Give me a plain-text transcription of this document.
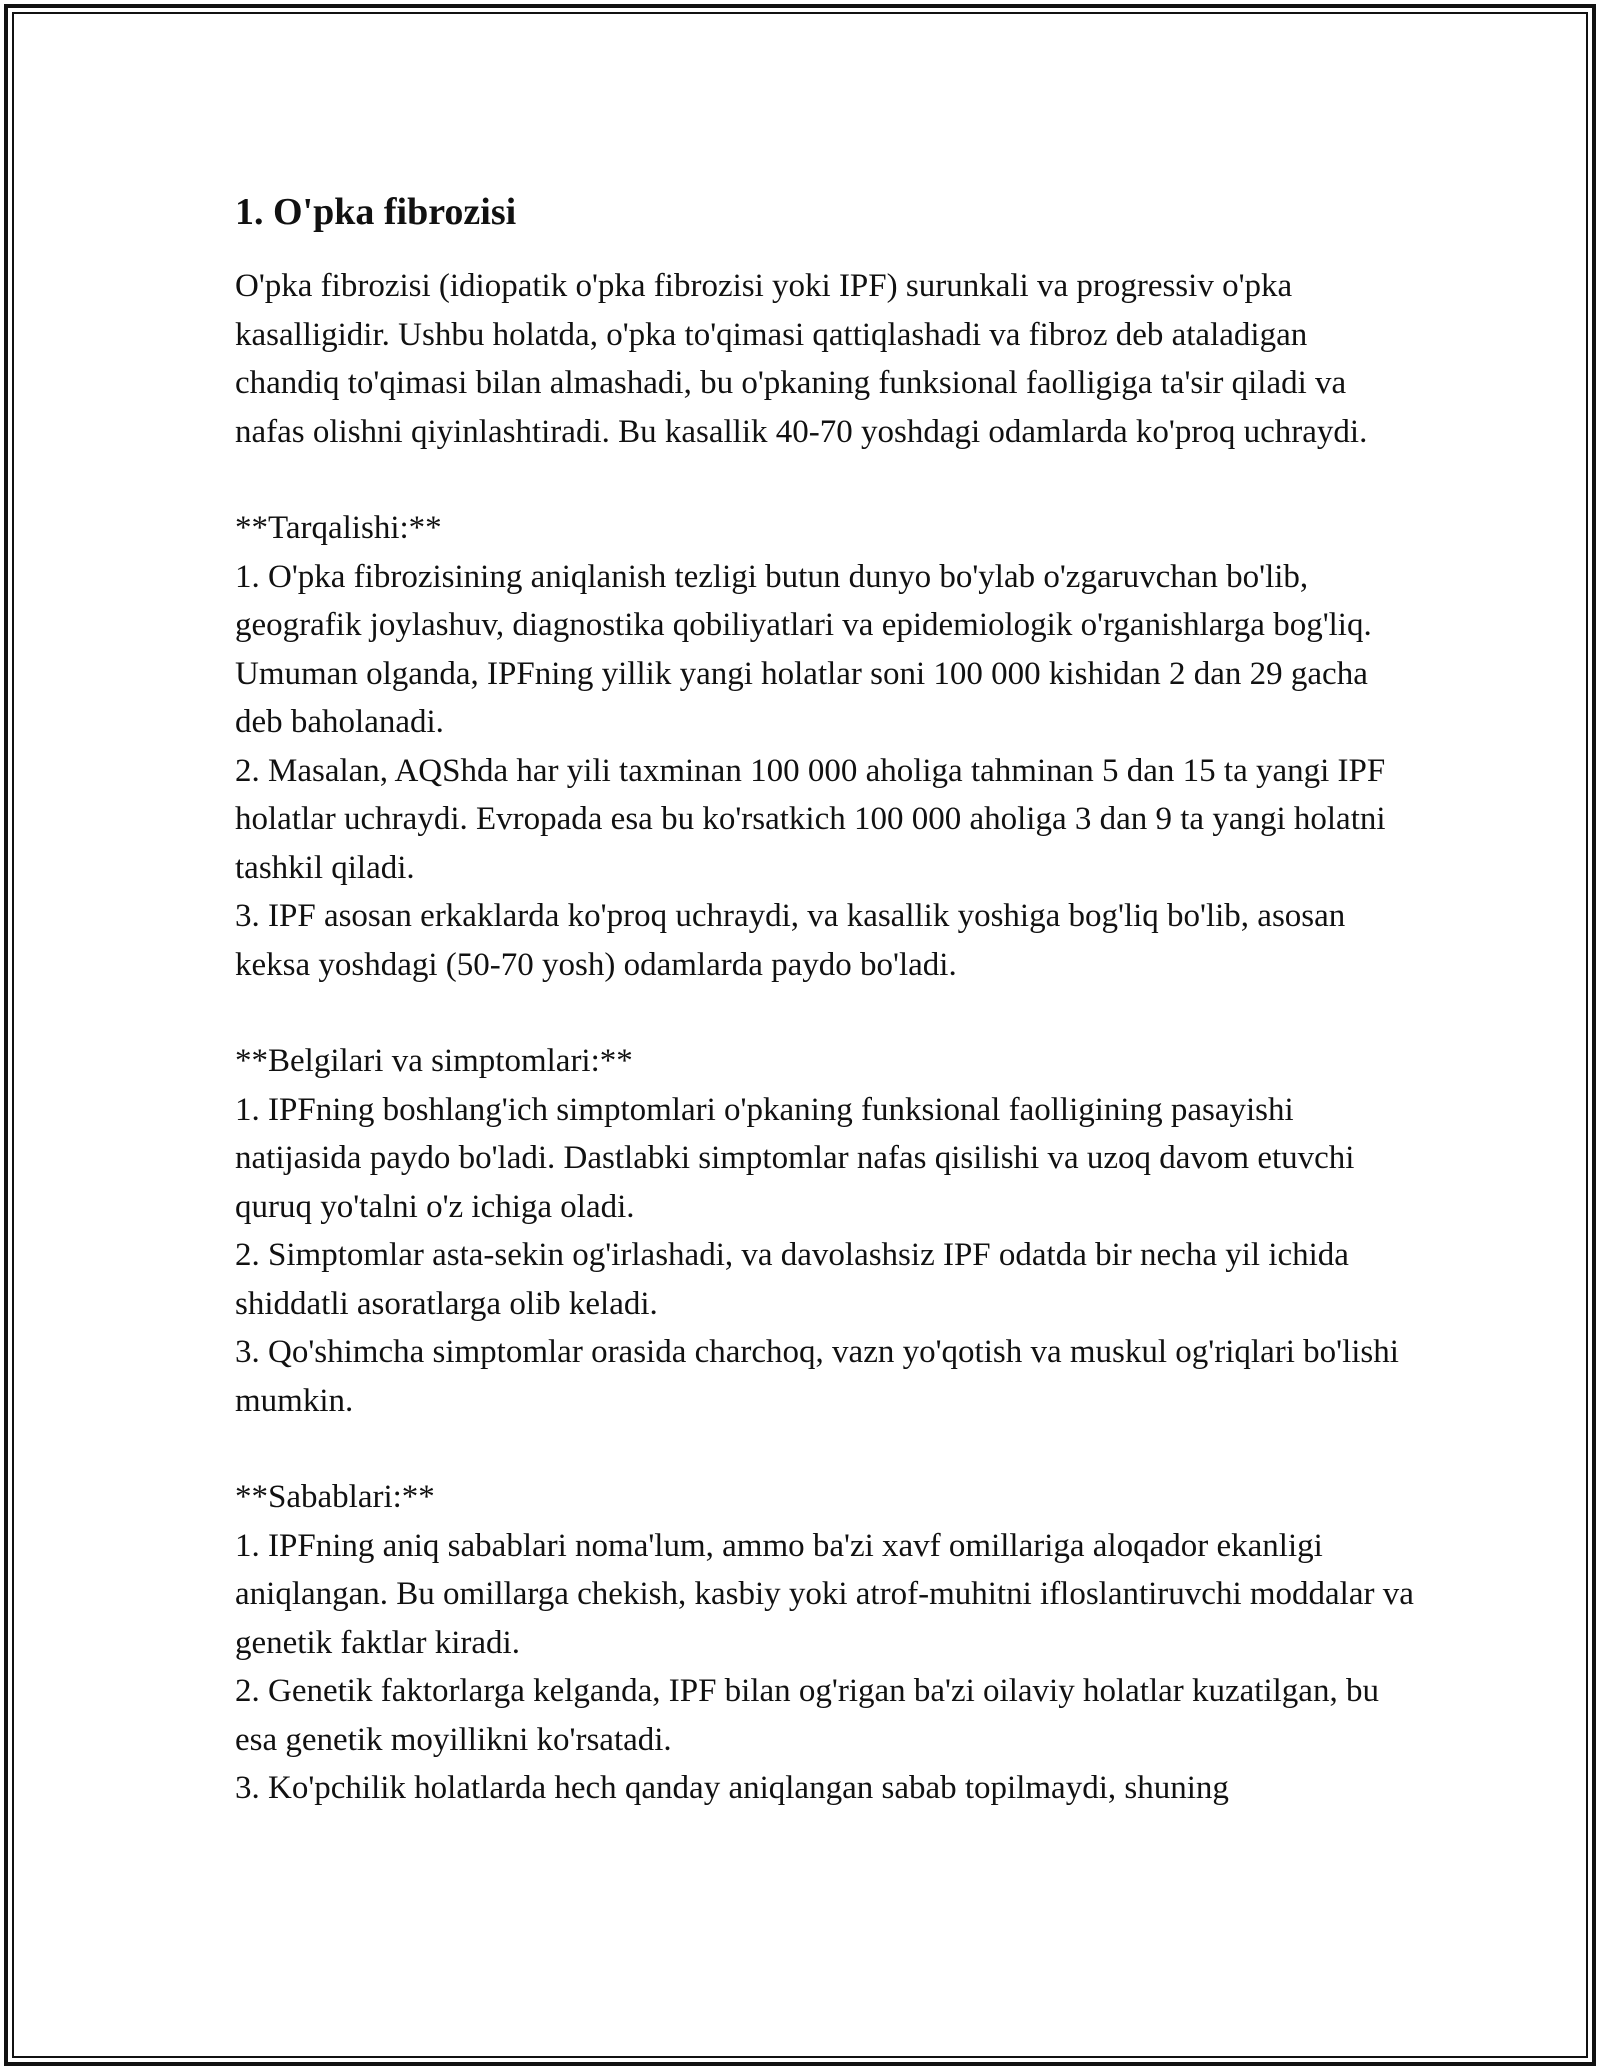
1. O'pka fibrozisi

O'pka fibrozisi (idiopatik o'pka fibrozisi yoki IPF) surunkali va progressiv o'pka kasalligidir. Ushbu holatda, o'pka to'qimasi qattiqlashadi va fibroz deb ataladigan chandiq to'qimasi bilan almashadi, bu o'pkaning funksional faolligiga ta'sir qiladi va nafas olishni qiyinlashtiradi. Bu kasallik 40-70 yoshdagi odamlarda ko'proq uchraydi.

**Tarqalishi:**

1. O'pka fibrozisining aniqlanish tezligi butun dunyo bo'ylab o'zgaruvchan bo'lib, geografik joylashuv, diagnostika qobiliyatlari va epidemiologik o'rganishlarga bog'liq. Umuman olganda, IPFning yillik yangi holatlar soni 100 000 kishidan 2 dan 29 gacha deb baholanadi.

2. Masalan, AQShda har yili taxminan 100 000 aholiga tahminan 5 dan 15 ta yangi IPF holatlar uchraydi. Evropada esa bu ko'rsatkich 100 000 aholiga 3 dan 9 ta yangi holatni tashkil qiladi.

3. IPF asosan erkaklarda ko'proq uchraydi, va kasallik yoshiga bog'liq bo'lib, asosan keksa yoshdagi (50-70 yosh) odamlarda paydo bo'ladi.

**Belgilari va simptomlari:**

1. IPFning boshlang'ich simptomlari o'pkaning funksional faolligining pasayishi natijasida paydo bo'ladi. Dastlabki simptomlar nafas qisilishi va uzoq davom etuvchi quruq yo'talni o'z ichiga oladi.

2. Simptomlar asta-sekin og'irlashadi, va davolashsiz IPF odatda bir necha yil ichida shiddatli asoratlarga olib keladi.

3. Qo'shimcha simptomlar orasida charchoq, vazn yo'qotish va muskul og'riqlari bo'lishi mumkin.

**Sabablari:**

1. IPFning aniq sabablari noma'lum, ammo ba'zi xavf omillariga aloqador ekanligi aniqlangan. Bu omillarga chekish, kasbiy yoki atrof-muhitni ifloslantiruvchi moddalar va genetik faktlar kiradi.

2. Genetik faktorlarga kelganda, IPF bilan og'rigan ba'zi oilaviy holatlar kuzatilgan, bu esa genetik moyillikni ko'rsatadi.

3. Ko'pchilik holatlarda hech qanday aniqlangan sabab topilmaydi, shuning
